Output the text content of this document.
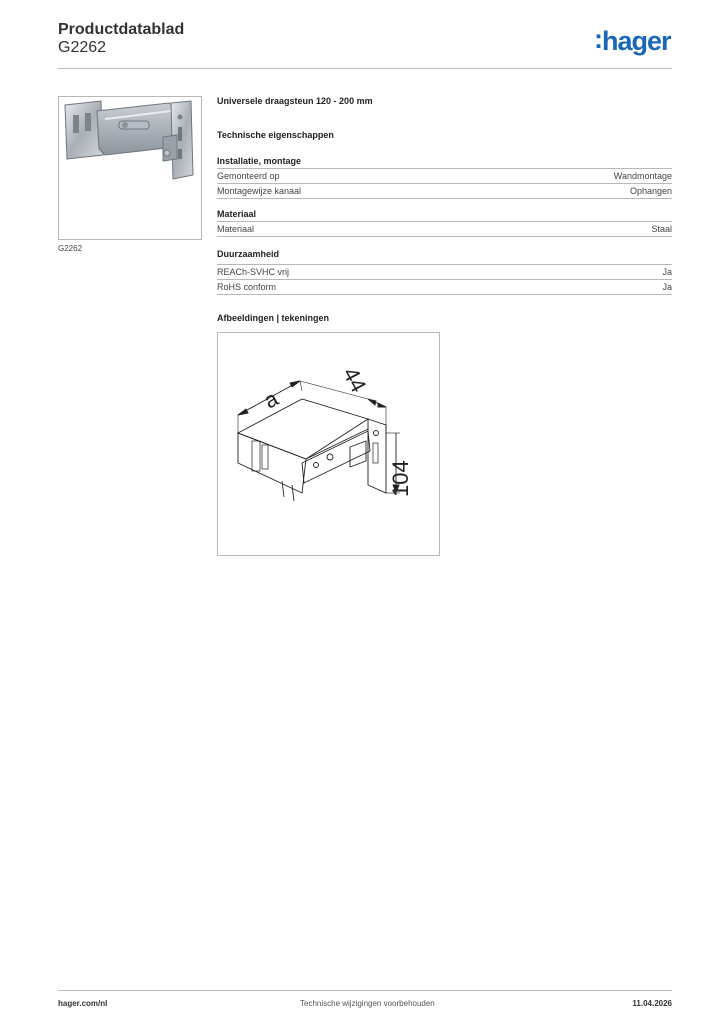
Productdatablad
G2262	:hager
G2262
Universele draagsteun 120 - 200 mm
Technische eigenschappen
Installatie, montage
Gemonteerd op	Wandmontage
Montagewijze kanaal	Ophangen
Materiaal
Materiaal	Staal
Duurzaamheid
REACh-SVHC vrij	Ja
RoHS conform	Ja
Afbeeldingen | tekeningen
a
44
104
hager.com/nl	Technische wijzigingen voorbehouden	11.04.2026
